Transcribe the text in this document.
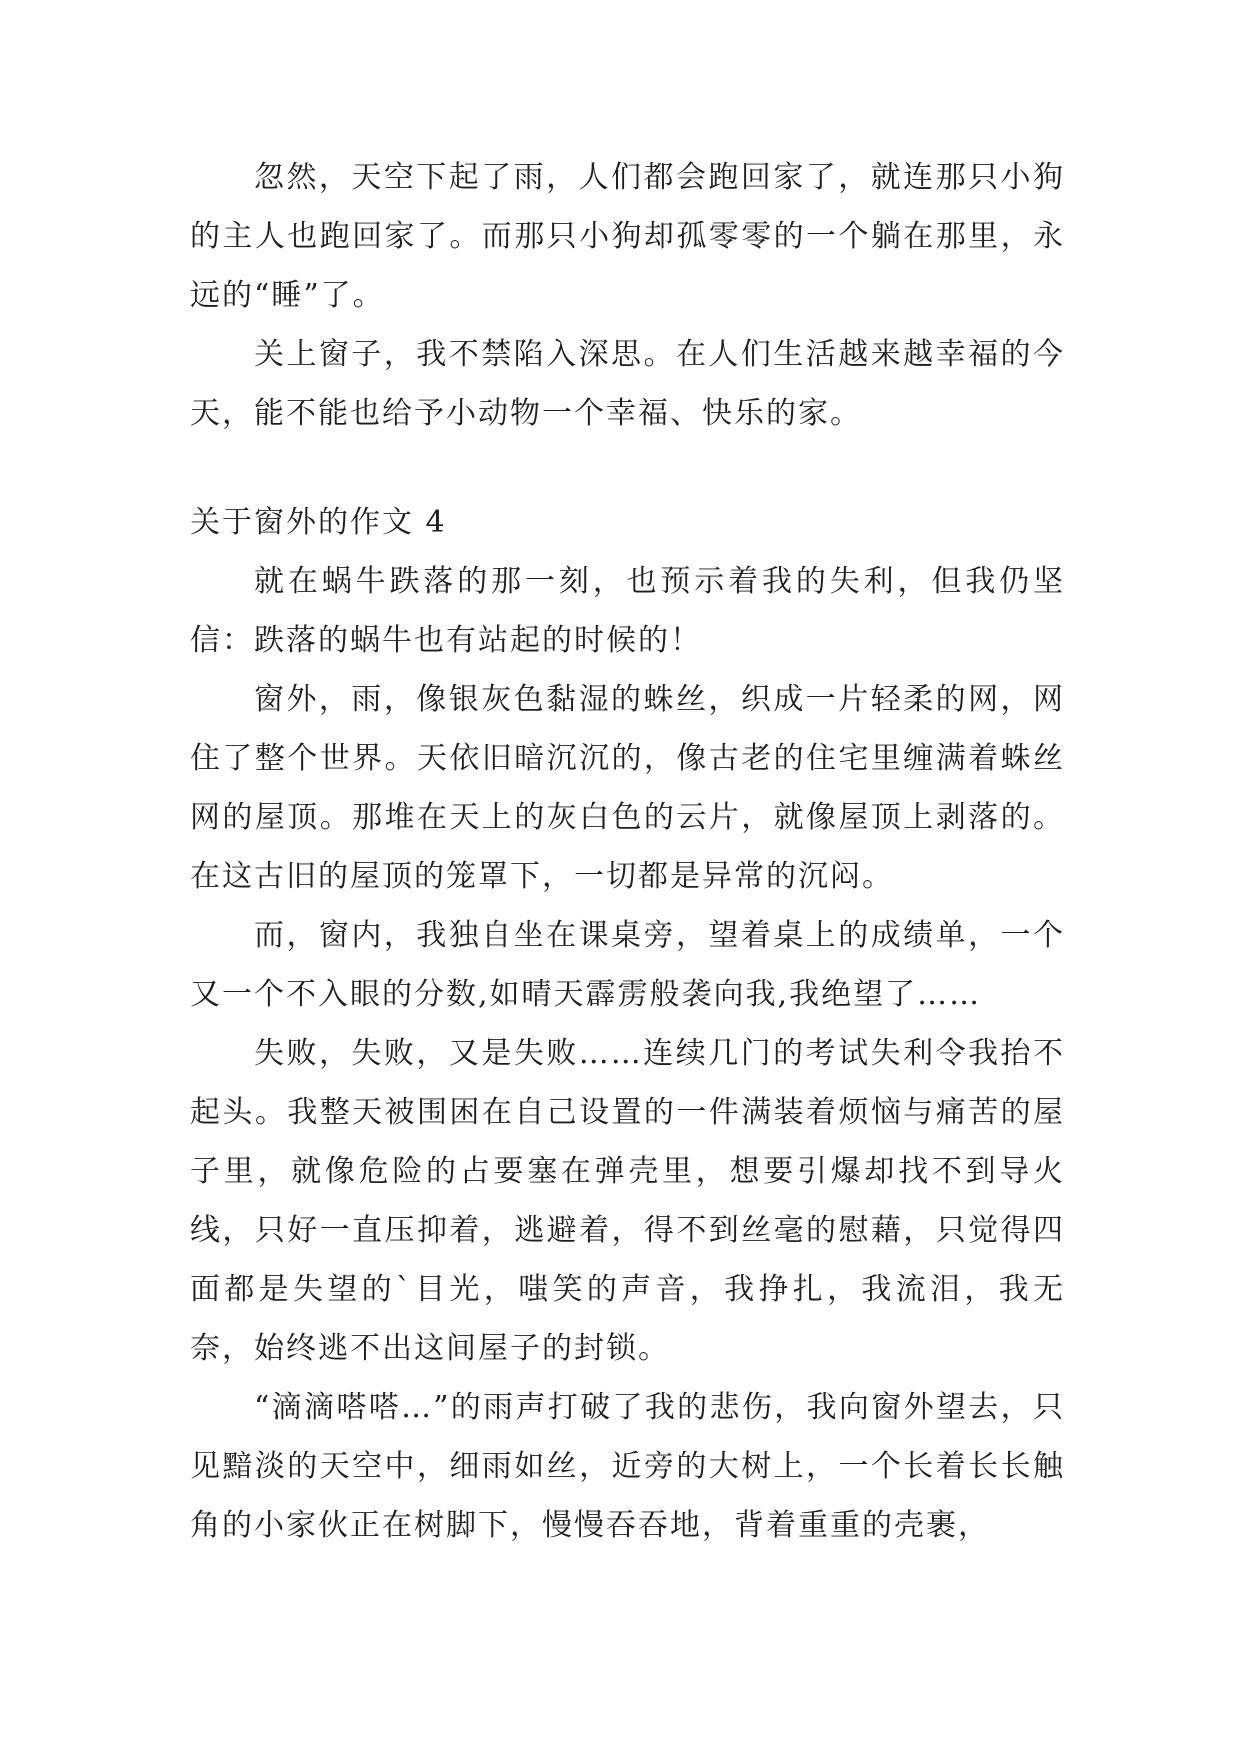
忽然，天空下起了雨，人们都会跑回家了，就连那只小狗的主人也跑回家了。而那只小狗却孤零零的一个躺在那里，永远的“睡”了。

关上窗子，我不禁陷入深思。在人们生活越来越幸福的今天，能不能也给予小动物一个幸福、快乐的家。

关于窗外的作文 4

就在蜗牛跌落的那一刻，也预示着我的失利，但我仍坚信：跌落的蜗牛也有站起的时候的！

窗外，雨，像银灰色黏湿的蛛丝，织成一片轻柔的网，网住了整个世界。天依旧暗沉沉的，像古老的住宅里缠满着蛛丝网的屋顶。那堆在天上的灰白色的云片，就像屋顶上剥落的。在这古旧的屋顶的笼罩下，一切都是异常的沉闷。

而，窗内，我独自坐在课桌旁，望着桌上的成绩单，一个又一个不入眼的分数,如晴天霹雳般袭向我,我绝望了……

失败，失败，又是失败……连续几门的考试失利令我抬不起头。我整天被围困在自己设置的一件满装着烦恼与痛苦的屋子里，就像危险的占要塞在弹壳里，想要引爆却找不到导火线，只好一直压抑着，逃避着，得不到丝毫的慰藉，只觉得四面都是失望的`目光，嗤笑的声音，我挣扎，我流泪，我无奈，始终逃不出这间屋子的封锁。

“滴滴嗒嗒…”的雨声打破了我的悲伤，我向窗外望去，只见黯淡的天空中，细雨如丝，近旁的大树上，一个长着长长触角的小家伙正在树脚下，慢慢吞吞地，背着重重的壳裹，
